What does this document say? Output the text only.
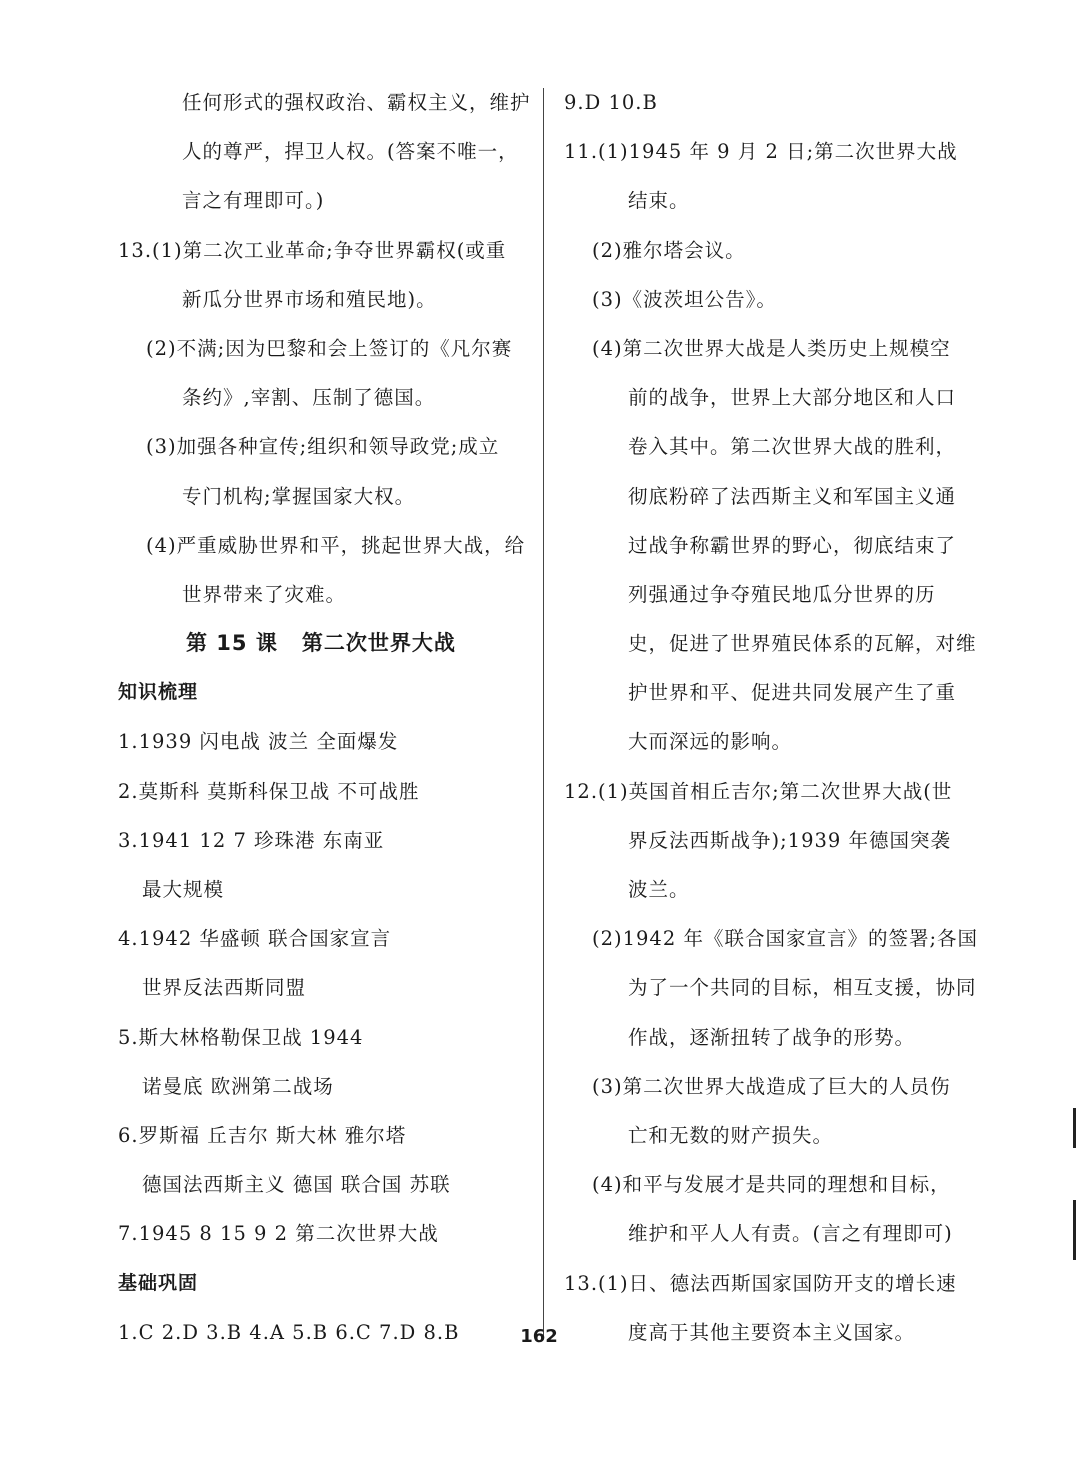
任何形式的强权政治、霸权主义，维护
人的尊严，捍卫人权。(答案不唯一，
言之有理即可。)
13.(1)第二次工业革命;争夺世界霸权(或重
新瓜分世界市场和殖民地)。
(2)不满;因为巴黎和会上签订的《凡尔赛
条约》,宰割、压制了德国。
(3)加强各种宣传;组织和领导政党;成立
专门机构;掌握国家大权。
(4)严重威胁世界和平，挑起世界大战，给
世界带来了灾难。
第 15 课 第二次世界大战
知识梳理
1.1939 闪电战 波兰 全面爆发
2.莫斯科 莫斯科保卫战 不可战胜
3.1941 12 7 珍珠港 东南亚
最大规模
4.1942 华盛顿 联合国家宣言
世界反法西斯同盟
5.斯大林格勒保卫战 1944
诺曼底 欧洲第二战场
6.罗斯福 丘吉尔 斯大林 雅尔塔
德国法西斯主义 德国 联合国 苏联
7.1945 8 15 9 2 第二次世界大战
基础巩固
1.C 2.D 3.B 4.A 5.B 6.C 7.D 8.B
9.D 10.B
11.(1)1945 年 9 月 2 日;第二次世界大战
结束。
(2)雅尔塔会议。
(3)《波茨坦公告》。
(4)第二次世界大战是人类历史上规模空
前的战争，世界上大部分地区和人口
卷入其中。第二次世界大战的胜利，
彻底粉碎了法西斯主义和军国主义通
过战争称霸世界的野心，彻底结束了
列强通过争夺殖民地瓜分世界的历
史，促进了世界殖民体系的瓦解，对维
护世界和平、促进共同发展产生了重
大而深远的影响。
12.(1)英国首相丘吉尔;第二次世界大战(世
界反法西斯战争);1939 年德国突袭
波兰。
(2)1942 年《联合国家宣言》的签署;各国
为了一个共同的目标，相互支援，协同
作战，逐渐扭转了战争的形势。
(3)第二次世界大战造成了巨大的人员伤
亡和无数的财产损失。
(4)和平与发展才是共同的理想和目标，
维护和平人人有责。(言之有理即可)
13.(1)日、德法西斯国家国防开支的增长速
度高于其他主要资本主义国家。
162
